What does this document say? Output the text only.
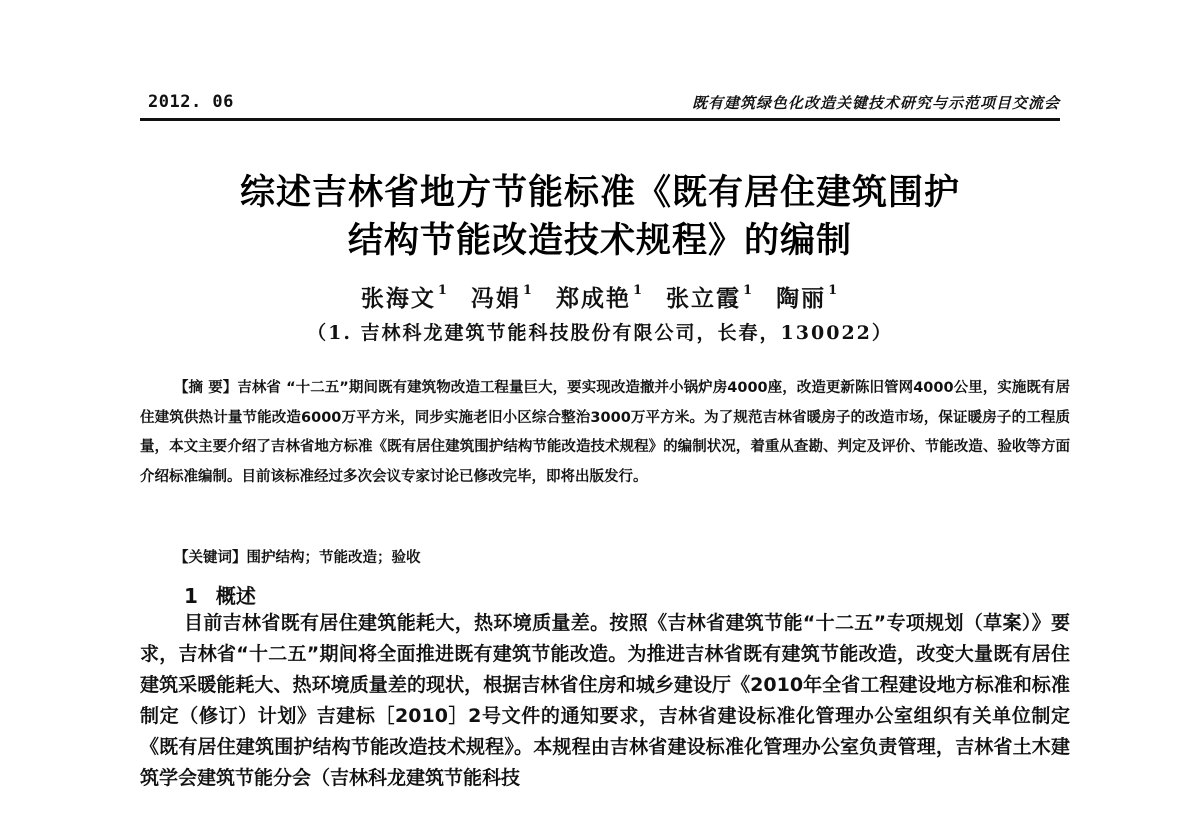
2012. 06	既有建筑绿色化改造关键技术研究与示范项目交流会
综述吉林省地方节能标准《既有居住建筑围护
结构节能改造技术规程》的编制
张海文 $^1$ 冯娟 $^1$ 郑成艳 $^1$ 张立霞 $^1$ 陶丽 $^1$
（1. 吉林科龙建筑节能科技股份有限公司，长春，130022）

【摘 要】吉林省 “十二五”期间既有建筑物改造工程量巨大，要实现改造撤并小锅炉房4000座，改造更新陈旧管网4000公里，实施既有居住建筑供热计量节能改造6000万平方米，同步实施老旧小区综合整治3000万平方米。为了规范吉林省暖房子的改造市场，保证暖房子的工程质量，本文主要介绍了吉林省地方标准《既有居住建筑围护结构节能改造技术规程》的编制状况，着重从查勘、判定及评价、节能改造、验收等方面介绍标准编制。目前该标准经过多次会议专家讨论已修改完毕，即将出版发行。

【关键词】围护结构；节能改造；验收

1 概述

目前吉林省既有居住建筑能耗大，热环境质量差。按照《吉林省建筑节能“十二五”专项规划（草案）》要求，吉林省“十二五”期间将全面推进既有建筑节能改造。为推进吉林省既有建筑节能改造，改变大量既有居住建筑采暖能耗大、热环境质量差的现状，根据吉林省住房和城乡建设厅《2010年全省工程建设地方标准和标准制定（修订）计划》吉建标［2010］2号文件的通知要求，吉林省建设标准化管理办公室组织有关单位制定《既有居住建筑围护结构节能改造技术规程》。本规程由吉林省建设标准化管理办公室负责管理，吉林省土木建筑学会建筑节能分会（吉林科龙建筑节能科技
